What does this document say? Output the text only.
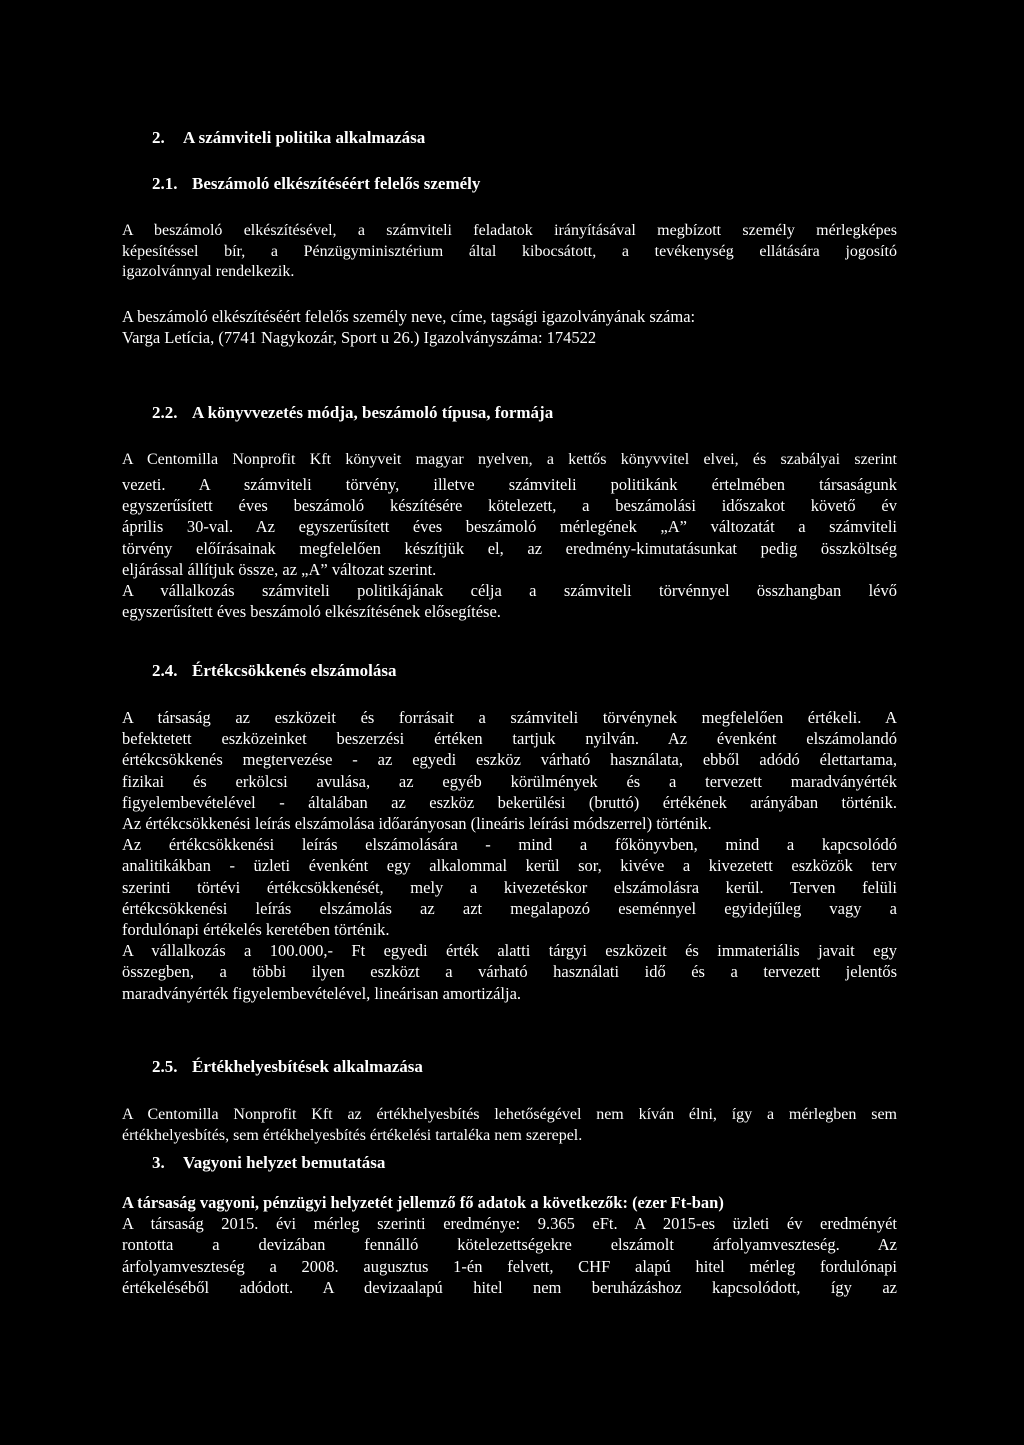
2. A számviteli politika alkalmazása
2.1. Beszámoló elkészítéséért felelős személy
A beszámoló elkészítésével, a számviteli feladatok irányításával megbízott személy mérlegképes
képesítéssel bír, a Pénzügyminisztérium által kibocsátott, a tevékenység ellátására jogosító
igazolvánnyal rendelkezik.
A beszámoló elkészítéséért felelős személy neve, címe, tagsági igazolványának száma:
Varga Letícia, (7741 Nagykozár, Sport u 26.) Igazolványszáma: 174522
2.2. A könyvvezetés módja, beszámoló típusa, formája
A Centomilla Nonprofit Kft könyveit magyar nyelven, a kettős könyvvitel elvei, és szabályai szerint
vezeti. A számviteli törvény, illetve számviteli politikánk értelmében társaságunk
egyszerűsített éves beszámoló készítésére kötelezett, a beszámolási időszakot követő év
április 30-val. Az egyszerűsített éves beszámoló mérlegének „A” változatát a számviteli
törvény előírásainak megfelelően készítjük el, az eredmény-kimutatásunkat pedig összköltség
eljárással állítjuk össze, az „A” változat szerint.
A vállalkozás számviteli politikájának célja a számviteli törvénnyel összhangban lévő
egyszerűsített éves beszámoló elkészítésének elősegítése.
2.4. Értékcsökkenés elszámolása
A társaság az eszközeit és forrásait a számviteli törvénynek megfelelően értékeli. A
befektetett eszközeinket beszerzési értéken tartjuk nyilván. Az évenként elszámolandó
értékcsökkenés megtervezése - az egyedi eszköz várható használata, ebből adódó élettartama,
fizikai és erkölcsi avulása, az egyéb körülmények és a tervezett maradványérték
figyelembevételével - általában az eszköz bekerülési (bruttó) értékének arányában történik.
Az értékcsökkenési leírás elszámolása időarányosan (lineáris leírási módszerrel) történik.
Az értékcsökkenési leírás elszámolására - mind a főkönyvben, mind a kapcsolódó
analitikákban - üzleti évenként egy alkalommal kerül sor, kivéve a kivezetett eszközök terv
szerinti törtévi értékcsökkenését, mely a kivezetéskor elszámolásra kerül. Terven felüli
értékcsökkenési leírás elszámolás az azt megalapozó eseménnyel egyidejűleg vagy a
fordulónapi értékelés keretében történik.
A vállalkozás a 100.000,- Ft egyedi érték alatti tárgyi eszközeit és immateriális javait egy
összegben, a többi ilyen eszközt a várható használati idő és a tervezett jelentős
maradványérték figyelembevételével, lineárisan amortizálja.
2.5. Értékhelyesbítések alkalmazása
A Centomilla Nonprofit Kft az értékhelyesbítés lehetőségével nem kíván élni, így a mérlegben sem
értékhelyesbítés, sem értékhelyesbítés értékelési tartaléka nem szerepel.
3. Vagyoni helyzet bemutatása
A társaság vagyoni, pénzügyi helyzetét jellemző fő adatok a következők: (ezer Ft-ban)
A társaság 2015. évi mérleg szerinti eredménye: 9.365 eFt. A 2015-es üzleti év eredményét
rontotta a devizában fennálló kötelezettségekre elszámolt árfolyamveszteség. Az
árfolyamveszteség a 2008. augusztus 1-én felvett, CHF alapú hitel mérleg fordulónapi
értékeléséből adódott. A devizaalapú hitel nem beruházáshoz kapcsolódott, így az
